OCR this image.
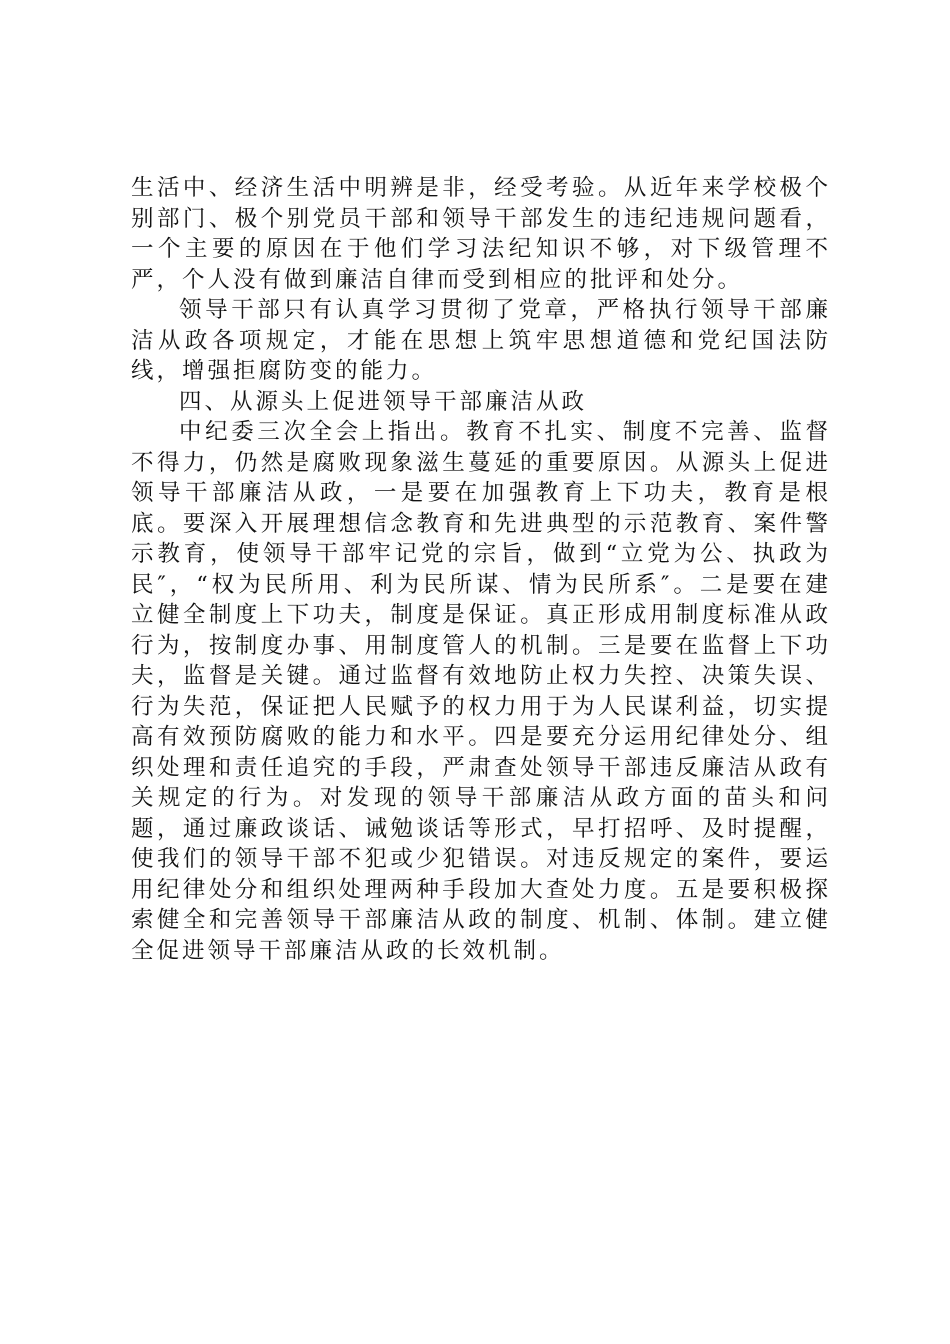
生活中、经济生活中明辨是非，经受考验。从近年来学校极个别部门、极个别党员干部和领导干部发生的违纪违规问题看，一个主要的原因在于他们学习法纪知识不够，对下级管理不严，个人没有做到廉洁自律而受到相应的批评和处分。

领导干部只有认真学习贯彻了党章，严格执行领导干部廉洁从政各项规定，才能在思想上筑牢思想道德和党纪国法防线，增强拒腐防变的能力。

四、从源头上促进领导干部廉洁从政

中纪委三次全会上指出。教育不扎实、制度不完善、监督不得力，仍然是腐败现象滋生蔓延的重要原因。从源头上促进领导干部廉洁从政，一是要在加强教育上下功夫，教育是根底。要深入开展理想信念教育和先进典型的示范教育、案件警示教育，使领导干部牢记党的宗旨，做到“立党为公、执政为民″，“权为民所用、利为民所谋、情为民所系″。二是要在建立健全制度上下功夫，制度是保证。真正形成用制度标准从政行为，按制度办事、用制度管人的机制。三是要在监督上下功夫，监督是关键。通过监督有效地防止权力失控、决策失误、行为失范，保证把人民赋予的权力用于为人民谋利益，切实提高有效预防腐败的能力和水平。四是要充分运用纪律处分、组织处理和责任追究的手段，严肃查处领导干部违反廉洁从政有关规定的行为。对发现的领导干部廉洁从政方面的苗头和问题，通过廉政谈话、诫勉谈话等形式，早打招呼、及时提醒，使我们的领导干部不犯或少犯错误。对违反规定的案件，要运用纪律处分和组织处理两种手段加大查处力度。五是要积极探索健全和完善领导干部廉洁从政的制度、机制、体制。建立健全促进领导干部廉洁从政的长效机制。
